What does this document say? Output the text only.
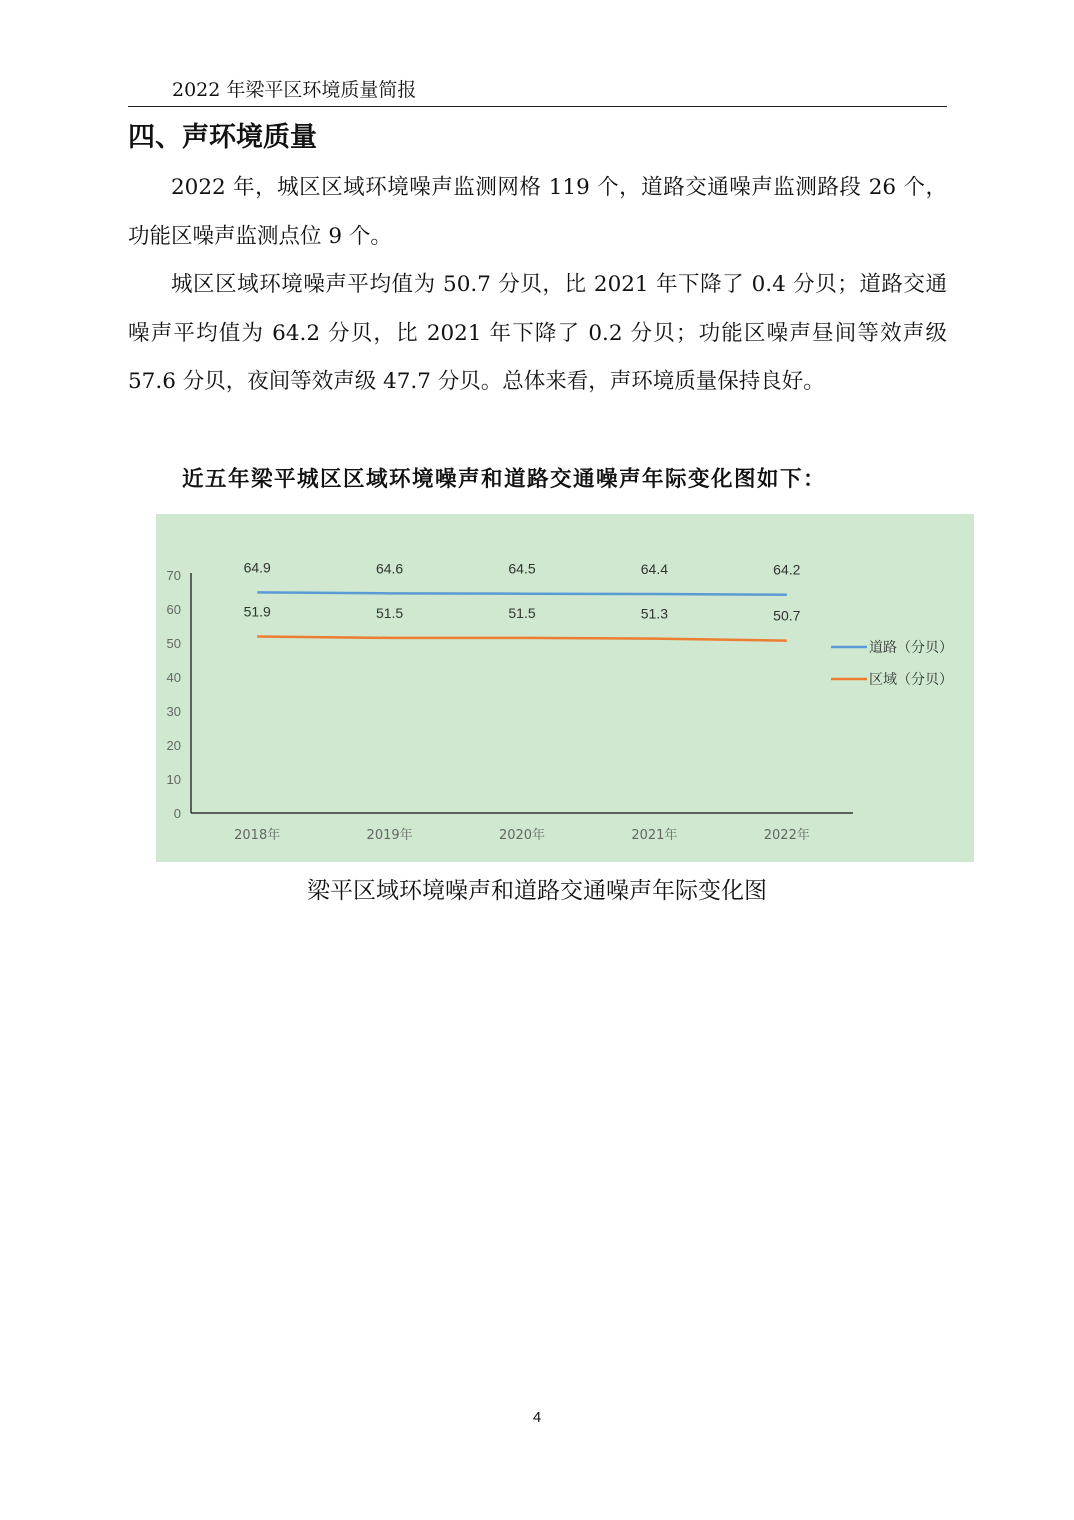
2022 年梁平区环境质量简报
四、声环境质量

2022 年，城区区域环境噪声监测网格 119 个，道路交通噪声监测路段 26 个，功能区噪声监测点位 9 个。

城区区域环境噪声平均值为 50.7 分贝，比 2021 年下降了 0.4 分贝；道路交通噪声平均值为 64.2 分贝，比 2021 年下降了 0.2 分贝；功能区噪声昼间等效声级 57.6 分贝，夜间等效声级 47.7 分贝。总体来看，声环境质量保持良好。

近五年梁平城区区域环境噪声和道路交通噪声年际变化图如下：
0
10
20
30
40
50
60
70
2018年	2019年	2020年	2021年	2022年
64.9	64.6	64.5	64.4	64.2
51.9	51.5	51.5	51.3	50.7
道路（分贝）
区域（分贝）
梁平区域环境噪声和道路交通噪声年际变化图
4
